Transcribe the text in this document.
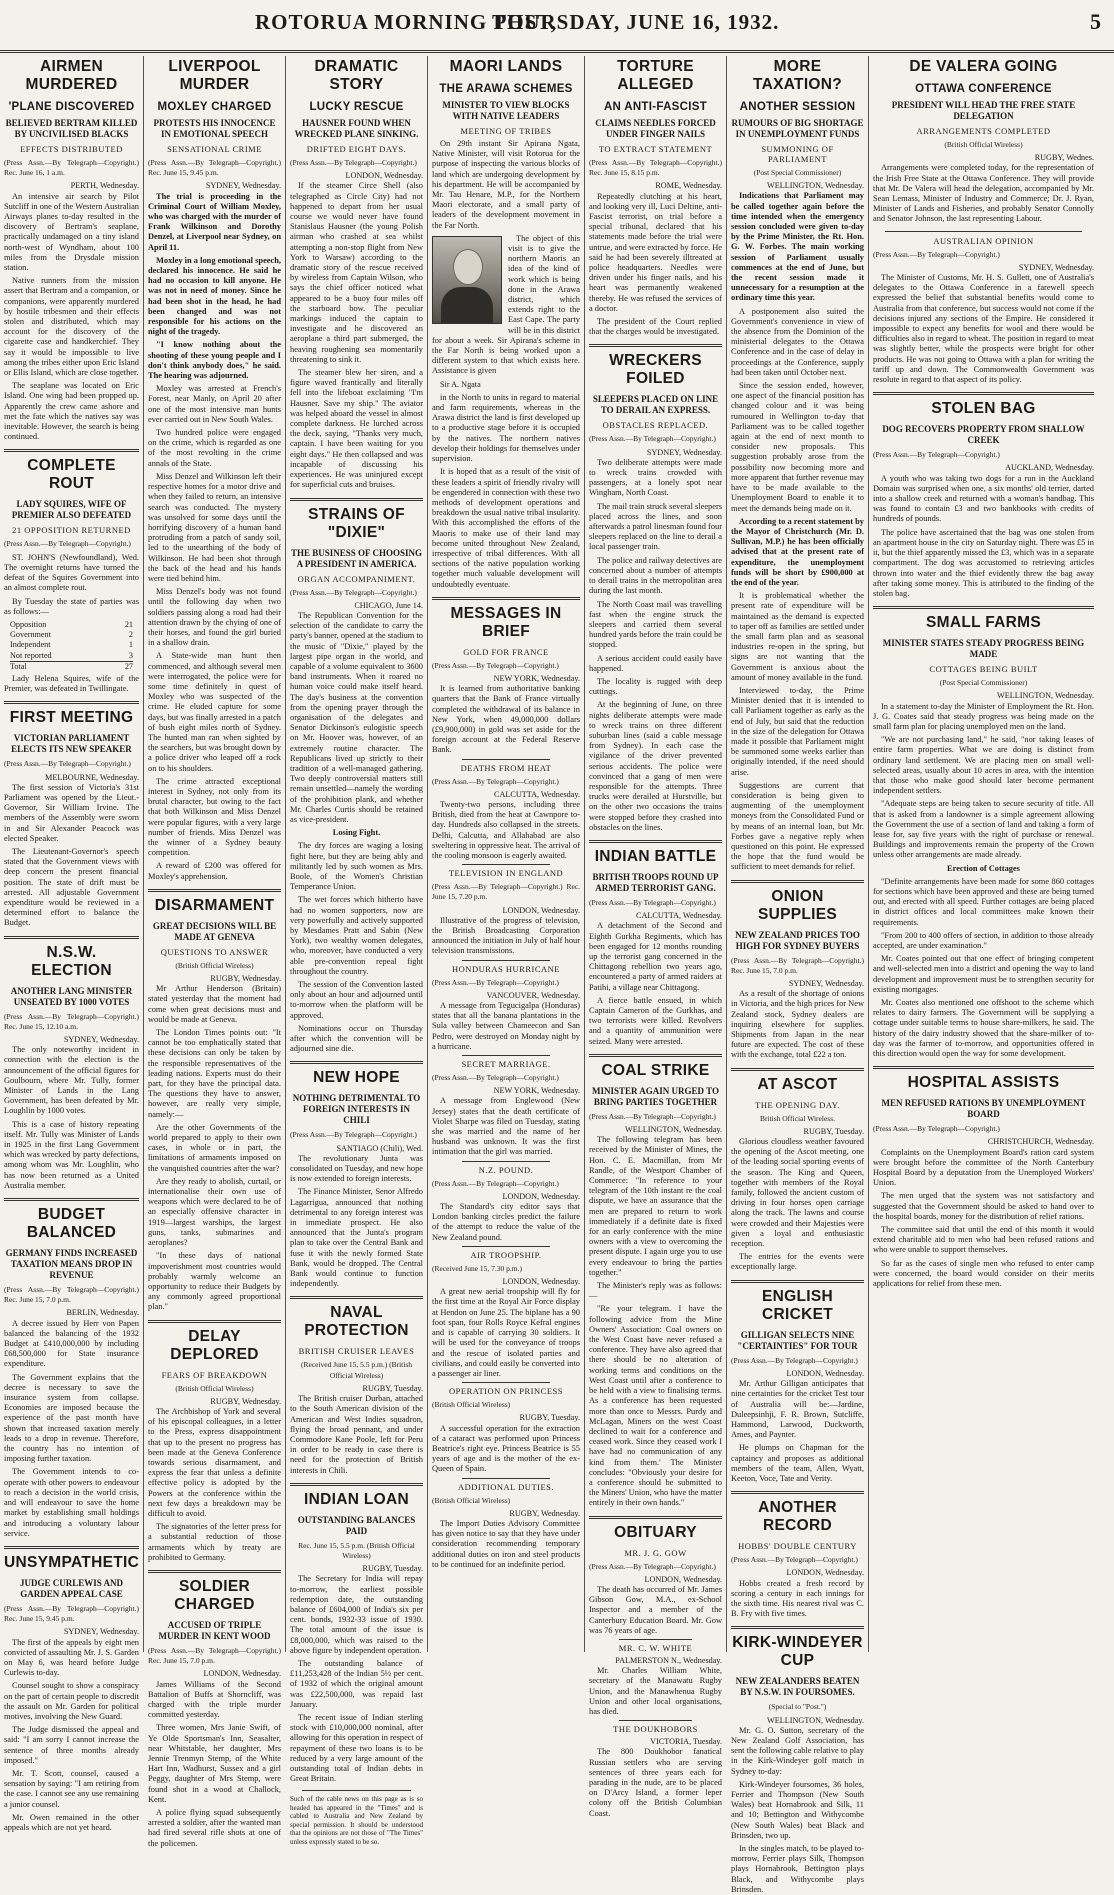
ROTORUA MORNING POST,
THURSDAY, JUNE 16, 1932.	5
AIRMEN MURDERED
'PLANE DISCOVERED
BELIEVED BERTRAM KILLED BY UNCIVILISED BLACKS
EFFECTS DISTRIBUTED

(Press Assn.—By Telegraph—Copyright.) Rec. June 16, 1 a.m.

PERTH, Wednesday.

An intensive air search by Pilot Sutcliff in one of the Western Australian Airways planes to-day resulted in the discovery of Bertram's seaplane, practically undamaged on a tiny island north-west of Wyndham, about 100 miles from the Drysdale mission station.

Native runners from the mission assert that Bertram and a companion, or companions, were apparently murdered by hostile tribesmen and their effects stolen and distributed, which may account for the discovery of the cigarette case and handkerchief. They say it would be impossible to live among the tribes either upon Eric Island or Ellis Island, which are close together.

The seaplane was located on Eric Island. One wing had been propped up. Apparently the crew came ashore and met the fate which the natives say was inevitable. However, the search is being continued.

COMPLETE ROUT
LADY SQUIRES, WIFE OF PREMIER ALSO DEFEATED
21 OPPOSITION RETURNED

(Press Assn.—By Telegraph—Copyright.)

ST. JOHN'S (Newfoundland), Wed. The overnight returns have turned the defeat of the Squires Government into an almost complete rout.

By Tuesday the state of parties was as follows:—

Opposition	21
Government	2
Independent	1
Not reported	3
Total	27

Lady Helena Squires, wife of the Premier, was defeated in Twillingate.

FIRST MEETING
VICTORIAN PARLIAMENT ELECTS ITS NEW SPEAKER

(Press Assn.—By Telegraph—Copyright.)

MELBOURNE, Wednesday.

The first session of Victoria's 31st Parliament was opened by the Lieut.-Governor, Sir William Irvine. The members of the Assembly were sworn in and Sir Alexander Peacock was elected Speaker.

The Lieutenant-Governor's speech stated that the Government views with deep concern the present financial position. The state of drift must be arrested. All adjustable Government expenditure would be reviewed in a determined effort to balance the Budget.

N.S.W. ELECTION
ANOTHER LANG MINISTER UNSEATED BY 1000 VOTES

(Press Assn.—By Telegraph—Copyright.) Rec. June 15, 12.10 a.m.

SYDNEY, Wednesday.

The only noteworthy incident in connection with the election is the announcement of the official figures for Goulbourn, where Mr. Tully, former Minister of Lands in the Lang Government, has been defeated by Mr. Loughlin by 1000 votes.

This is a case of history repeating itself. Mr. Tully was Minister of Lands in 1925 in the first Lang Government which was wrecked by party defections, among whom was Mr. Loughlin, who has now been returned as a United Australia member.

BUDGET BALANCED
GERMANY FINDS INCREASED TAXATION MEANS DROP IN REVENUE

(Press Assn.—By Telegraph—Copyright.) Rec. June 15, 7.0 p.m.

BERLIN, Wednesday.

A decree issued by Herr von Papen balanced the balancing of the 1932 Budget at £410,000,000 by including £68,500,000 for State insurance expenditure.

The Government explains that the decree is necessary to save the insurance system from collapse. Economies are imposed because the experience of the past month have shown that increased taxation merely leads to a drop in revenue. Therefore, the country has no intention of imposing further taxation.

The Government intends to co-operate with other powers to endeavour to reach a decision in the world crisis, and will endeavour to save the home market by establishing small holdings and introducing a voluntary labour service.

UNSYMPATHETIC
JUDGE CURLEWIS AND GARDEN APPEAL CASE

(Press Assn.—By Telegraph—Copyright.) Rec. June 15, 9.45 p.m.

SYDNEY, Wednesday.

The first of the appeals by eight men convicted of assaulting Mr. J. S. Garden on May 6, was heard before Judge Curlewis to-day.

Counsel sought to show a conspiracy on the part of certain people to discredit the assault on Mr. Garden for political motives, involving the New Guard.

The Judge dismissed the appeal and said: "I am sorry I cannot increase the sentence of three months already imposed."

Mr. T. Scott, counsel, caused a sensation by saying: "I am retiring from the case. I cannot see any use remaining a junior counsel.

Mr. Owen remained in the other appeals which are not yet heard.

LIVERPOOL MURDER
MOXLEY CHARGED
PROTESTS HIS INNOCENCE IN EMOTIONAL SPEECH
SENSATIONAL CRIME

(Press Assn.—By Telegraph—Copyright.) Rec. June 15, 9.45 p.m.

SYDNEY, Wednesday.

The trial is proceeding in the Criminal Court of William Moxley, who was charged with the murder of Frank Wilkinson and Dorothy Denzel, at Liverpool near Sydney, on April 11.

Moxley in a long emotional speech, declared his innocence. He said he had no occasion to kill anyone. He was not in need of money. Since he had been shot in the head, he had been changed and was not responsible for his actions on the night of the tragedy.

"I know nothing about the shooting of these young people and I don't think anybody does," he said. The hearing was adjourned.

Moxley was arrested at French's Forest, near Manly, on April 20 after one of the most intensive man hunts ever carried out in New South Wales.

Two hundred police were engaged on the crime, which is regarded as one of the most revolting in the crime annals of the State.

Miss Denzel and Wilkinson left their respective homes for a motor drive and when they failed to return, an intensive search was conducted. The mystery was unsolved for some days until the horrifying discovery of a human hand protruding from a patch of sandy soil, led to the unearthing of the body of Wilkinson. He had been shot through the back of the head and his hands were tied behind him.

Miss Denzel's body was not found until the following day when two soldiers passing along a road had their attention drawn by the chying of one of their horses, and found the girl buried in a shallow drain.

A State-wide man hunt then commenced, and although several men were interrogated, the police were for some time definitely in quest of Moxley who was suspected of the crime. He eluded capture for some days, but was finally arrested in a patch of bush eight miles north of Sydney. The hunted man ran when sighted by the searchers, but was brought down by a police driver who leaped off a rock on to his shoulders.

The crime attracted exceptional interest in Sydney, not only from its brutal character, but owing to the fact that both Wilkinson and Miss Denzel were popular figures, with a very large number of friends. Miss Denzel was the winner of a Sydney beauty competition.

A reward of £200 was offered for Moxley's apprehension.

DISARMAMENT
GREAT DECISIONS WILL BE MADE AT GENEVA
QUESTIONS TO ANSWER

(British Official Wireless)

RUGBY, Wednesday.

Mr Arthur Henderson (Britain) stated yesterday that the moment had come when great decisions must and would be made at Geneva.

The London Times points out: "It cannot be too emphatically stated that these decisions can only be taken by the responsible representatives of the leading nations. Experts must do their part, for they have the principal data. The questions they have to answer, however, are really very simple, namely:—

Are the other Governments of the world prepared to apply to their own cases, in whole or in part, the limitations of armaments imposed on the vanquished countries after the war?

Are they ready to abolish, curtail, or internationalise their own use of weapons which were declared to be of an especially offensive character in 1919—largest warships, the largest guns, tanks, submarines and aeroplanes?

"In these days of national impoverishment most countries would probably warmly welcome an opportunity to reduce their Budgets by any commonly agreed proportional plan."

DELAY DEPLORED
FEARS OF BREAKDOWN

(British Official Wireless)

RUGBY, Wednesday.

The Archbishop of York and several of his episcopal colleagues, in a letter to the Press, express disappointment that up to the present no progress has been made at the Geneva Conference towards serious disarmament, and express the fear that unless a definite effective policy is adopted by the Powers at the conference within the next few days a breakdown may be difficult to avoid.

The signatories of the letter press for a substantial reduction of those armaments which by treaty are prohibited to Germany.

SOLDIER CHARGED
ACCUSED OF TRIPLE MURDER IN KENT WOOD

(Press Assn.—By Telegraph—Copyright.) Rec. June 15, 7.0 p.m.

LONDON, Wednesday.

James Williams of the Second Battalion of Buffs at Shorncliff, was charged with the triple murder committed yesterday.

Three women, Mrs Janie Swift, of Ye Olde Sportsman's Inn, Seasalter, near Whitstable, her daughter, Mrs Jennie Trenmyn Stemp, of the White Hart Inn, Wadhurst, Sussex and a girl Peggy, daughter of Mrs Stemp, were found shot in a wood at Challock, Kent.

A police flying squad subsequently arrested a soldier, after the wanted man had fired several rifle shots at one of the policemen.

DRAMATIC STORY
LUCKY RESCUE
HAUSNER FOUND WHEN WRECKED PLANE SINKING.
DRIFTED EIGHT DAYS.

(Press Assn.—By Telegraph—Copyright.)

LONDON, Wednesday.

If the steamer Circe Shell (also telegraphed as Circle City) had not happened to depart from her usual course we would never have found Stanislaus Hausner (the young Polish airman who crashed at sea whilst attempting a non-stop flight from New York to Warsaw) according to the dramatic story of the rescue received by wireless from Captain Wilson, who says the chief officer noticed what appeared to be a buoy four miles off the starboard bow. The peculiar markings induced the captain to investigate and he discovered an aeroplane a third part submerged, the heaving roughening sea momentarily threatening to sink it.

The steamer blew her siren, and a figure waved frantically and literally fell into the lifeboat exclaiming "I'm Hausner. Save my ship." The aviator was helped aboard the vessel in almost complete darkness. He lurched across the deck, saying, "Thanks very much, captain. I have been waiting for you eight days." He then collapsed and was incapable of discussing his experiences. He was uninjured except for superficial cuts and bruises.

STRAINS OF "DIXIE"
THE BUSINESS OF CHOOSING A PRESIDENT IN AMERICA.
ORGAN ACCOMPANIMENT.

(Press Assn.—By Telegraph—Copyright.)

CHICAGO, June 14.

The Republican Convention for the selection of the candidate to carry the party's banner, opened at the stadium to the music of "Dixie," played by the largest pipe organ in the world, and capable of a volume equivalent to 3600 band instruments. When it roared no human voice could make itself heard. The day's business at the convention from the opening prayer through the organisation of the delegates and Senator Dickinson's eulogistic speech on Mr. Hoover was, however, of an extremely routine character. The Republicans lived up strictly to their tradition of a well-managed gathering. Two deeply controversial matters still remain unsettled—namely the wording of the prohibition plank, and whether Mr. Charles Curtis should be retained as vice-president.

Losing Fight.

The dry forces are waging a losing fight here, but they are being ably and militantly led by such women as Mrs. Boole, of the Women's Christian Temperance Union.

The wet forces which hitherto have had no women supporters, now are very powerfully and actively supported by Mesdames Pratt and Sabin (New York), two wealthy women delegates, who, moreover, have conducted a very able pre-convention repeal fight throughout the country.

The session of the Convention lasted only about an hour and adjourned until to-morrow when the platform will be approved.

Nominations occur on Thursday after which the convention will be adjourned sine die.

NEW HOPE
NOTHING DETRIMENTAL TO FOREIGN INTERESTS IN CHILI

(Press Assn.—By Telegraph—Copyright.)

SANTIAGO (Chili), Wed.

The revolutionary Junta was consolidated on Tuesday, and new hope is now extended to foreign interests.

The Finance Minister, Senor Alfredo Lagarrigua, announced that nothing detrimental to any foreign interest was in immediate prospect. He also announced that the Junta's program plan to take over the Central Bank and fuse it with the newly formed State Bank, would be dropped. The Central Bank would continue to function independently.

NAVAL PROTECTION
BRITISH CRUISER LEAVES

(Received June 15, 5.5 p.m.) (British Official Wireless)

RUGBY, Tuesday.

The British cruiser Durban, attached to the South American division of the American and West Indies squadron, flying the broad pennant, and under Commodore Kane Poole, left for Peru in order to be ready in case there is need for the protection of British interests in Chili.

INDIAN LOAN
OUTSTANDING BALANCES PAID

Rec. June 15, 5.5 p.m. (British Official Wireless)

RUGBY, Tuesday.

The Secretary for India will repay to-morrow, the earliest possible redemption date, the outstanding balance of £604,000 of India's six per cent. bonds, 1932-33 issue of 1930. The total amount of the issue is £8,000,000, which was raised to the above figure by independent operation.

The outstanding balance of £11,253,428 of the Indian 5½ per cent. of 1932 of which the original amount was £22,500,000, was repaid last January.

The recent issue of Indian sterling stock with £10,000,000 nominal, after allowing for this operation in respect of repayment of these two loans is to be reduced by a very large amount of the outstanding total of Indian debts in Great Britain.

Such of the cable news on this page as is so headed has appeared in the "Times" and is cabled to Australia and New Zealand by special permission. It should be understood that the opinions are not those of "The Times" unless expressly stated to be so.

MAORI LANDS
THE ARAWA SCHEMES
MINISTER TO VIEW BLOCKS WITH NATIVE LEADERS
MEETING OF TRIBES

On 29th instant Sir Apirana Ngata, Native Minister, will visit Rotorua for the purpose of inspecting the various blocks of land which are undergoing development by his department. He will be accompanied by Mr. Tau Henare, M.P., for the Northern Maori electorate, and a small party of leaders of the development movement in the Far North.

The object of this visit is to give the northern Maoris an idea of the kind of work which is being done in the Arawa district, which extends right to the East Cape. The party will be in this district for about a week. Sir Apirana's scheme in the Far North is being worked upon a different system to that which exists here. Assistance is given

Sir A. Ngata

in the North to units in regard to material and farm requirements, whereas in the Arawa district the land is first developed up to a productive stage before it is occupied by the natives. The northern natives develop their holdings for themselves under supervision.

It is hoped that as a result of the visit of these leaders a spirit of friendly rivalry will be engendered in connection with these two methods of development operations and breakdown the usual native tribal insularity. With this accomplished the efforts of the Maoris to make use of their land may become united throughout New Zealand, irrespective of tribal differences. With all sections of the native population working together much valuable development will undoubtedly eventuate.

MESSAGES IN BRIEF
GOLD FOR FRANCE

(Press Assn.—By Telegraph—Copyright.)

NEW YORK, Wednesday.

It is learned from authoritative banking quarters that the Bank of France virtually completed the withdrawal of its balance in New York, when 49,000,000 dollars (£9,900,000) in gold was set aside for the foreign account at the Federal Reserve Bank.

DEATHS FROM HEAT

(Press Assn.—By Telegraph—Copyright.)

CALCUTTA, Wednesday.

Twenty-two persons, including three British, died from the heat at Cawnpore to-day. Hundreds also collapsed in the streets. Delhi, Calcutta, and Allahabad are also sweltering in oppressive heat. The arrival of the cooling monsoon is eagerly awaited.

TELEVISION IN ENGLAND

(Press Assn.—By Telegraph—Copyright.) Rec. June 15, 7.20 p.m.

LONDON, Wednesday.

Illustrative of the progress of television, the British Broadcasting Corporation announced the initiation in July of half hour television transmissions.

HONDURAS HURRICANE

(Press Assn.—By Telegraph—Copyright.)

VANCOUVER, Wednesday.

A message from Tegucigalpa (Honduras) states that all the banana plantations in the Sula valley between Chameecon and San Pedro, were destroyed on Monday night by a hurricane.

SECRET MARRIAGE.

(Press Assn.—By Telegraph—Copyright.)

NEW YORK, Wednesday.

A message from Englewood (New Jersey) states that the death certificate of Violet Sharpe was filed on Tuesday, stating she was married and the name of her husband was unknown. It was the first intimation that the girl was married.

N.Z. POUND.

(Press Assn.—By Telegraph—Copyright.)

LONDON, Wednesday.

The Standard's city editor says that London banking circles predict the failure of the attempt to reduce the value of the New Zealand pound.

AIR TROOPSHIP.

(Received June 15, 7.30 p.m.)

LONDON, Wednesday.

A great new aerial troopship will fly for the first time at the Royal Air Force display at Hendon on June 25. The biplane has a 90 foot span, four Rolls Royce Kefral engines and is capable of carrying 30 soldiers. It will be used for the conveyance of troops and the rescue of isolated parties and civilians, and could easily be converted into a passenger air liner.

OPERATION ON PRINCESS

(British Official Wireless)

RUGBY, Tuesday.

A successful operation for the extraction of a cataract was performed upon Princess Beatrice's right eye. Princess Beatrice is 55 years of age and is the mother of the ex-Queen of Spain.

ADDITIONAL DUTIES.

(British Official Wireless)

RUGBY, Wednesday.

The Import Duties Advisory Committee has given notice to say that they have under consideration recommending temporary additional duties on iron and steel products to be continued for an indefinite period.

TORTURE ALLEGED
AN ANTI-FASCIST
CLAIMS NEEDLES FORCED UNDER FINGER NAILS
TO EXTRACT STATEMENT

(Press Assn.—By Telegraph—Copyright.) Rec. June 15, 8.15 p.m.

ROME, Wednesday.

Repeatedly clutching at his heart, and looking very ill, Luci Deltine, anti-Fascist terrorist, on trial before a special tribunal, declared that his statements made before the trial were untrue, and were extracted by force. He said he had been severely illtreated at police headquarters. Needles were driven under his finger nails, and his heart was permanently weakened thereby. He was refused the services of a doctor.

The president of the Court replied that the charges would be investigated.

WRECKERS FOILED
SLEEPERS PLACED ON LINE TO DERAIL AN EXPRESS.
OBSTACLES REPLACED.

(Press Assn.—By Telegraph—Copyright.)

SYDNEY, Wednesday.

Two deliberate attempts were made to wreck trains crowded with passengers, at a lonely spot near Wingham, North Coast.

The mail train struck several sleepers placed across the lines, and soon afterwards a patrol linesman found four sleepers replaced on the line to derail a local passenger train.

The police and railway detectives are concerned about a number of attempts to derail trains in the metropolitan area during the last month.

The North Coast mail was travelling fast when the engine struck the sleepers and carried them several hundred yards before the train could be stopped.

A serious accident could easily have happened.

The locality is rugged with deep cuttings.

At the beginning of June, on three nights deliberate attempts were made to wreck trains on three different suburban lines (said a cable message from Sydney). In each case the vigilance of the driver prevented serious accidents. The police were convinced that a gang of men were responsible for the attempts. Three trucks were derailed at Hurstville, but on the other two occasions the trains were stopped before they crashed into obstacles on the lines.

INDIAN BATTLE
BRITISH TROOPS ROUND UP ARMED TERRORIST GANG.

(Press Assn.—By Telegraph—Copyright.)

CALCUTTA, Wednesday.

A detachment of the Second and Eighth Gurkha Regiments, which has been engaged for 12 months rounding up the terrorist gang concerned in the Chittagong rebellion two years ago, encountered a party of armed raiders at Patihi, a village near Chittagong.

A fierce battle ensued, in which Captain Cameron of the Gurkhas, and two terrorists were killed. Revolvers and a quantity of ammunition were seized. Many were arrested.

COAL STRIKE
MINISTER AGAIN URGED TO BRING PARTIES TOGETHER

(Press Assn.—By Telegraph—Copyright.)

WELLINGTON, Wednesday.

The following telegram has been received by the Minister of Mines, the Hon. C. E. Macmillan, from Mr Randle, of the Westport Chamber of Commerce: "In reference to your telegram of the 10th instant re the coal dispute, we have an assurance that the men are prepared to return to work immediately if a definite date is fixed for an early conference with the mine owners with a view to overcoming the present dispute. I again urge you to use every endeavour to bring the parties together."

The Minister's reply was as follows:—

"Re your telegram. I have the following advice from the Mine Owners' Association: Coal owners on the West Coast have never refused a conference. They have also agreed that there should be no alteration of working terms and conditions on the West Coast until after a conference to be held with a view to finalising terms. As a conference has been requested more than once to Messrs. Purdy and McLagan, Miners on the west Coast declined to wait for a conference and ceased work. Since they ceased work I have had no communication of any kind from them.' The Minister concludes: "Obviously your desire for a conference should be submitted to the Miners' Union, who have the matter entirely in their own hands."

OBITUARY
MR. J. G. GOW

(Press Assn.—By Telegraph—Copyright.)

LONDON, Wednesday.

The death has occurred of Mr. James Gibson Gow, M.A., ex-School Inspector and a member of the Canterbury Education Board. Mr. Gow was 76 years of age.

MR. C. W. WHITE

PALMERSTON N., Wednesday.

Mr. Charles William White, secretary of the Manawatu Rugby Union, and the Manawhenua Rugby Union and other local organisations, has died.

THE DOUKHOBORS

VICTORIA, Tuesday.

The 800 Doukhobor fanatical Russian settlers who are serving sentences of three years each for parading in the nude, are to be placed on D'Arcy Island, a former leper colony off the British Columbian Coast.

MORE TAXATION?
ANOTHER SESSION
RUMOURS OF BIG SHORTAGE IN UNEMPLOYMENT FUNDS
SUMMONING OF PARLIAMENT

(Post Special Commissioner)

WELLINGTON, Wednesday.

Indications that Parliament may be called together again before the time intended when the emergency session concluded were given to-day by the Prime Minister, the Rt. Hon. G. W. Forbes. The main working session of Parliament usually commences at the end of June, but the recent session made it unnecessary for a resumption at the ordinary time this year.

A postponement also suited the Government's convenience in view of the absence from the Dominion of the ministerial delegates to the Ottawa Conference and in the case of delay in proceedings at the Conference, supply had been taken until October next.

Since the session ended, however, one aspect of the financial position has changed colour and it was being rumoured in Wellington to-day that Parliament was to be called together again at the end of next month to consider new proposals. This suggestion probably arose from the possibility now becoming more and more apparent that further revenue may have to be made available to the Unemployment Board to enable it to meet the demands being made on it.

According to a recent statement by the Mayor of Christchurch (Mr. D. Sullivan, M.P.) he has been officially advised that at the present rate of expenditure, the unemployment funds will be short by £900,000 at the end of the year.

It is problematical whether the present rate of expenditure will be maintained as the demand is expected to taper off as families are settled under the small farm plan and as seasonal industries re-open in the spring, but signs are not wanting that the Government is anxious about the amount of money available in the fund.

Interviewed to-day, the Prime Minister denied that it is intended to call Parliament together as early as the end of July, but said that the reduction in the size of the delegation for Ottawa made it possible that Parliament might be summoned some weeks earlier than originally intended, if the need should arise.

Suggestions are current that consideration is being given to augmenting of the unemployment moneys from the Consolidated Fund or by means of an internal loan, but Mr. Forbes gave a negative reply when questioned on this point. He expressed the hope that the fund would be sufficient to meet demands for relief.

ONION SUPPLIES
NEW ZEALAND PRICES TOO HIGH FOR SYDNEY BUYERS

(Press Assn.—By Telegraph—Copyright.) Rec. June 15, 7.0 p.m.

SYDNEY, Wednesday.

As a result of the shortage of onions in Victoria, and the high prices for New Zealand stock, Sydney dealers are inquiring elsewhere for supplies. Shipments from Japan in the near future are expected. The cost of these with the exchange, total £22 a ton.

AT ASCOT
THE OPENING DAY.

British Official Wireless.

RUGBY, Tuesday.

Glorious cloudless weather favoured the opening of the Ascot meeting, one of the leading social sporting events of the season. The King and Queen, together with members of the Royal family, followed the ancient custom of driving in four horses open carriage along the track. The lawns and course were crowded and their Majesties were given a loyal and enthusiastic reception.

The entries for the events were exceptionally large.

ENGLISH CRICKET
GILLIGAN SELECTS NINE "CERTAINTIES" FOR TOUR

(Press Assn.—By Telegraph—Copyright.)

LONDON, Wednesday.

Mr. Arthur Gilligan anticipates that nine certainties for the cricket Test tour of Australia will be:—Jardine, Duleepsinhji, F. R. Brown, Sutcliffe, Hammond, Larwood, Duckworth, Ames, and Paynter.

He plumps on Chapman for the captaincy and proposes as additional members of the team, Allen, Wyatt, Keeton, Voce, Tate and Verity.

ANOTHER RECORD
HOBBS' DOUBLE CENTURY

(Press Assn.—By Telegraph—Copyright.)

LONDON, Wednesday.

Hobbs created a fresh record by scoring a century in each innings for the sixth time. His nearest rival was C. B. Fry with five times.

KIRK-WINDEYER CUP
NEW ZEALANDERS BEATEN BY N.S.W. IN FOURSOMES.

(Special to "Post.")

WELLINGTON, Wednesday.

Mr. G. O. Sutton, secretary of the New Zealand Golf Association, has sent the following cable relative to play in the Kirk-Windeyer golf match in Sydney to-day:

Kirk-Windeyer foursomes, 36 holes, Ferrier and Thompson (New South Wales) beat Hornabrook and Silk, 11 and 10; Bettington and Withycombe (New South Wales) beat Black and Brinsden, two up.

In the singles match, to be played to-morrow, Ferrier plays Silk, Thompson plays Hornabrook, Bettington plays Black, and Withycombe plays Brinsden.

DE VALERA GOING
OTTAWA CONFERENCE
PRESIDENT WILL HEAD THE FREE STATE DELEGATION
ARRANGEMENTS COMPLETED

(British Official Wireless)

RUGBY, Wednes.

Arrangements were completed today, for the representation of the Irish Free State at the Ottawa Conference. They will provide that Mr. De Valera will head the delegation, accompanied by Mr. Sean Lemass, Minister of Industry and Commerce; Dr. J. Ryan, Minister of Lands and Fisheries, and probably Senator Connolly and Senator Johnson, the last representing Labour.

AUSTRALIAN OPINION

(Press Assn.—By Telegraph—Copyright.)

SYDNEY, Wednesday.

The Minister of Customs, Mr. H. S. Gullett, one of Australia's delegates to the Ottawa Conference in a farewell speech expressed the belief that substantial benefits would come to Australia from that conference, but success would not come if the decisions injured any sections of the Empire. He considered it impossible to expect any benefits for wool and there would be difficulties also in regard to wheat. The position in regard to meat was slightly better, while the prospects were bright for other products. He was not going to Ottawa with a plan for writing the tariff up and down. The Commonwealth Government was resolute in regard to that aspect of its policy.

STOLEN BAG
DOG RECOVERS PROPERTY FROM SHALLOW CREEK

(Press Assn.—By Telegraph—Copyright.)

AUCKLAND, Wednesday.

A youth who was taking two dogs for a run in the Auckland Domain was surprised when one, a six months' old terrier, darted into a shallow creek and returned with a woman's handbag. This was found to contain £3 and two bankbooks with credits of hundreds of pounds.

The police have ascertained that the bag was one stolen from an apartment house in the city on Saturday night. There was £5 in it, but the thief apparently missed the £3, which was in a separate compartment. The dog was accustomed to retrieving articles thrown into water and the thief evidently threw the bag away after taking some money. This is attributed to the finding of the stolen bag.

SMALL FARMS
MINISTER STATES STEADY PROGRESS BEING MADE
COTTAGES BEING BUILT

(Post Special Commissioner)

WELLINGTON, Wednesday.

In a statement to-day the Minister of Employment the Rt. Hon. J. G. Coates said that steady progress was being made on the small farm plan for placing unemployed men on the land.

"We are not purchasing land," he said, "nor taking leases of entire farm properties. What we are doing is distinct from ordinary land settlement. We are placing men on small well-selected areas, usually about 10 acres in area, with the intention that those who make good should later become permanent independent settlers.

"Adequate steps are being taken to secure security of title. All that is asked from a landowner is a simple agreement allowing the Government the use of a section of land and taking a form of lease for, say five years with the right of purchase or renewal. Buildings and improvements remain the property of the Crown unless other arrangements are made already.

Erection of Cottages

"Definite arrangements have been made for some 860 cottages for sections which have been approved and these are being turned out, and erected with all speed. Further cottages are being placed in district offices and local committees make known their requirements.

"From 200 to 400 offers of section, in addition to those already accepted, are under examination."

Mr. Coates pointed out that one effect of bringing competent and well-selected men into a district and opening the way to land development and improvement must be to strengthen security for existing mortgages.

Mr. Coates also mentioned one offshoot to the scheme which relates to dairy farmers. The Government will be supplying a cottage under suitable terms to house share-milkers, he said. The history of the dairy industry showed that the share-milker of to-day was the farmer of to-morrow, and opportunities offered in this direction would open the way for some development.

HOSPITAL ASSISTS
MEN REFUSED RATIONS BY UNEMPLOYMENT BOARD

(Press Assn.—By Telegraph—Copyright.)

CHRISTCHURCH, Wednesday.

Complaints on the Unemployment Board's ration card system were brought before the committee of the North Canterbury Hospital Board by a deputation from the Unemployed Workers' Union.

The men urged that the system was not satisfactory and suggested that the Government should be asked to hand over to the hospital boards, money for the distribution of relief rations.

The committee said that until the end of this month it would extend charitable aid to men who had been refused rations and who were unable to support themselves.

So far as the cases of single men who refused to enter camp were concerned, the board would consider on their merits applications for relief from these men.
